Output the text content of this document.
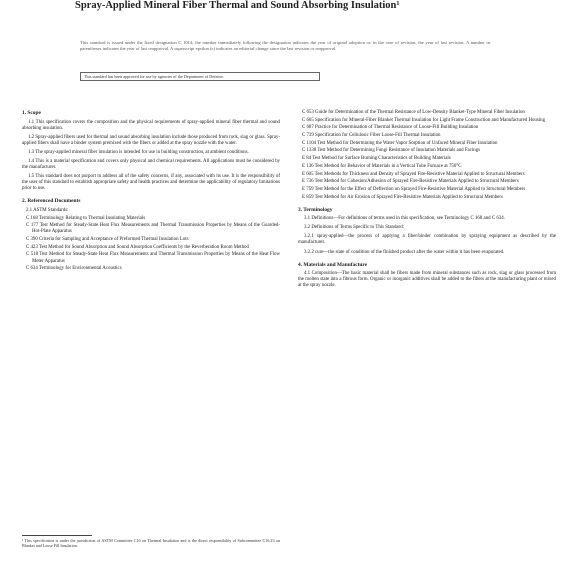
Spray-Applied Mineral Fiber Thermal and Sound Absorbing Insulation¹
This standard is issued under the fixed designation C 1014; the number immediately following the designation indicates the year of original adoption or, in the case of revision, the year of last revision. A number in parentheses indicates the year of last reapproval. A superscript epsilon (ε) indicates an editorial change since the last revision or reapproval.
This standard has been approved for use by agencies of the Department of Defense.
1. Scope

1.1 This specification covers the composition and the physical requirements of spray-applied mineral fiber thermal and sound absorbing insulation.

1.2 Spray-applied fibers used for thermal and sound absorbing insulation include those produced from rock, slag or glass. Spray-applied fibers shall have a binder system premixed with the fibers or added at the spray nozzle with the water.

1.3 The spray-applied mineral fiber insulation is intended for use in building construction, at ambient conditions.

1.4 This is a material specification and covers only physical and chemical requirements. All applications must be considered by the manufacturer.

1.5 This standard does not purport to address all of the safety concerns, if any, associated with its use. It is the responsibility of the user of this standard to establish appropriate safety and health practices and determine the applicability of regulatory limitations prior to use.

2. Referenced Documents
2.1 ASTM Standards:
C 168 Terminology Relating to Thermal Insulating Materials
C 177 Test Method for Steady-State Heat Flux Measurements and Thermal Transmission Properties by Means of the Guarded-Hot-Plate Apparatus
C 390 Criteria for Sampling and Acceptance of Preformed Thermal Insulation Lots
C 423 Test Method for Sound Absorption and Sound Absorption Coefficients by the Reverberation Room Method
C 518 Test Method for Steady-State Heat Flux Measurements and Thermal Transmission Properties by Means of the Heat Flow Meter Apparatus
C 634 Terminology for Environmental Acoustics
C 653 Guide for Determination of the Thermal Resistance of Low-Density Blanket-Type Mineral Fiber Insulation
C 665 Specification for Mineral-Fiber Blanket Thermal Insulation for Light Frame Construction and Manufactured Housing
C 687 Practice for Determination of Thermal Resistance of Loose-Fill Building Insulation
C 739 Specification for Cellulosic Fiber Loose-Fill Thermal Insulation
C 1104 Test Method for Determining the Water Vapor Sorption of Unfaced Mineral Fiber Insulation
C 1338 Test Method for Determining Fungi Resistance of Insulation Materials and Facings
E 84 Test Method for Surface Burning Characteristics of Building Materials
E 136 Test Method for Behavior of Materials in a Vertical Tube Furnace at 750°C
E 605 Test Methods for Thickness and Density of Sprayed Fire-Resistive Material Applied to Structural Members
E 736 Test Method for Cohesion/Adhesion of Sprayed Fire-Resistive Materials Applied to Structural Members
E 759 Test Method for the Effect of Deflection on Sprayed Fire-Resistive Material Applied to Structural Members
E 859 Test Method for Air Erosion of Sprayed Fire-Resistive Materials Applied to Structural Members
3. Terminology

3.1 Definitions—For definitions of terms used in this specification, see Terminology C 168 and C 634.

3.2 Definitions of Terms Specific to This Standard:

3.2.1 spray-applied—the process of applying a fiber/binder combination by spraying equipment as described by the manufacturer.

3.2.2 cure—the state of condition of the finished product after the water within it has been evaporated.

4. Materials and Manufacture

4.1 Composition—The basic material shall be fibers made from mineral substances such as rock, slag or glass processed from the molten state into a fibrous form. Organic or inorganic additives shall be added to the fibers at the manufacturing plant or mixed at the spray nozzle.

¹ This specification is under the jurisdiction of ASTM Committee C16 on Thermal Insulation and is the direct responsibility of Subcommittee C16.23 on Blanket and Loose Fill Insulation.
